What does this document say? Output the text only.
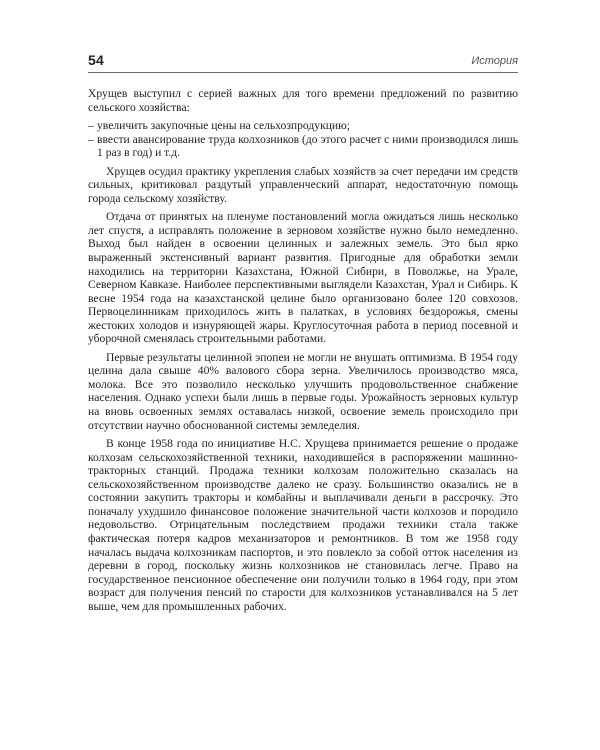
54	История

Хрущев выступил с серией важных для того времени предложений по развитию сельского хозяйства:

– увеличить закупочные цены на сельхозпродукцию;
– ввести авансирование труда колхозников (до этого расчет с ними производился лишь 1 раз в год) и т.д.

Хрущев осудил практику укрепления слабых хозяйств за счет передачи им средств сильных, критиковал раздутый управленческий аппарат, недостаточную помощь города сельскому хозяйству.

Отдача от принятых на пленуме постановлений могла ожидаться лишь несколько лет спустя, а исправлять положение в зерновом хозяйстве нужно было немедленно. Выход был найден в освоении целинных и залежных земель. Это был ярко выраженный экстенсивный вариант развития. Пригодные для обработки земли находились на территории Казахстана, Южной Сибири, в Поволжье, на Урале, Северном Кавказе. Наиболее перспективными выглядели Казахстан, Урал и Сибирь. К весне 1954 года на казахстанской целине было организовано более 120 совхозов. Первоцелинникам приходилось жить в палатках, в условиях бездорожья, смены жестоких холодов и изнуряющей жары. Круглосуточная работа в период посевной и уборочной сменялась строительными работами.

Первые результаты целинной эпопеи не могли не внушать оптимизма. В 1954 году целина дала свыше 40% валового сбора зерна. Увеличилось производство мяса, молока. Все это позволило несколько улучшить продовольственное снабжение населения. Однако успехи были лишь в первые годы. Урожайность зерновых культур на вновь освоенных землях оставалась низкой, освоение земель происходило при отсутствии научно обоснованной системы земледелия.

В конце 1958 года по инициативе Н.С. Хрущева принимается решение о продаже колхозам сельскохозяйственной техники, находившейся в распоряжении машинно-тракторных станций. Продажа техники колхозам положительно сказалась на сельскохозяйственном производстве далеко не сразу. Большинство оказались не в состоянии закупить тракторы и комбайны и выплачивали деньги в рассрочку. Это поначалу ухудшило финансовое положение значительной части колхозов и породило недовольство. Отрицательным последствием продажи техники стала также фактическая потеря кадров механизаторов и ремонтников. В том же 1958 году началась выдача колхозникам паспортов, и это повлекло за собой отток населения из деревни в город, поскольку жизнь колхозников не становилась легче. Право на государственное пенсионное обеспечение они получили только в 1964 году, при этом возраст для получения пенсий по старости для колхозников устанавливался на 5 лет выше, чем для промышленных рабочих.
